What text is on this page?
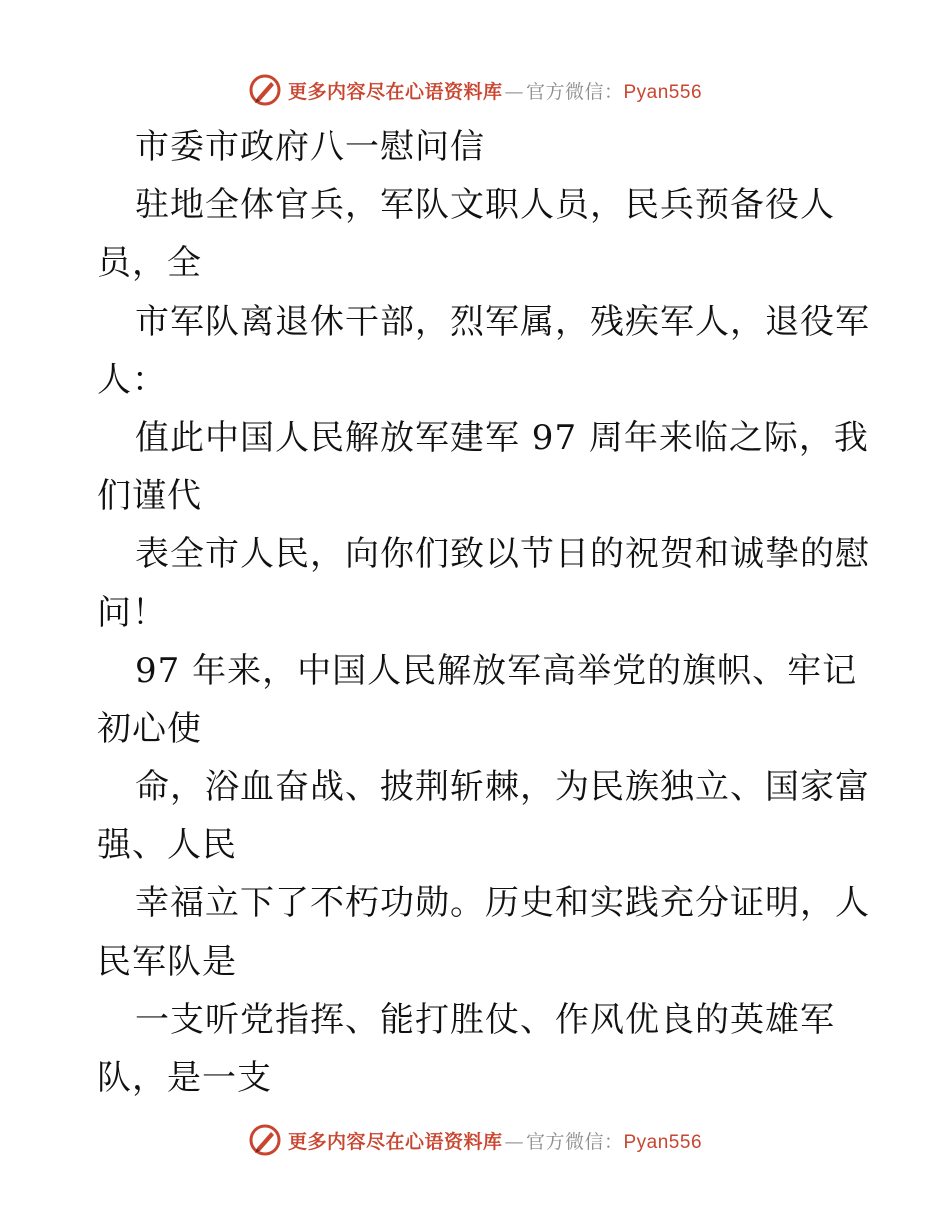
更多内容尽在心语资料库 — 官方微信：Pyan556
市委市政府八一慰问信
驻地全体官兵，军队文职人员，民兵预备役人
员，全
市军队离退休干部，烈军属，残疾军人，退役军
人：
值此中国人民解放军建军 97 周年来临之际，我
们谨代
表全市人民，向你们致以节日的祝贺和诚挚的慰
问！
97 年来，中国人民解放军高举党的旗帜、牢记
初心使
命，浴血奋战、披荆斩棘，为民族独立、国家富
强、人民
幸福立下了不朽功勋。历史和实践充分证明，人
民军队是
一支听党指挥、能打胜仗、作风优良的英雄军
队，是一支
更多内容尽在心语资料库 — 官方微信：Pyan556
